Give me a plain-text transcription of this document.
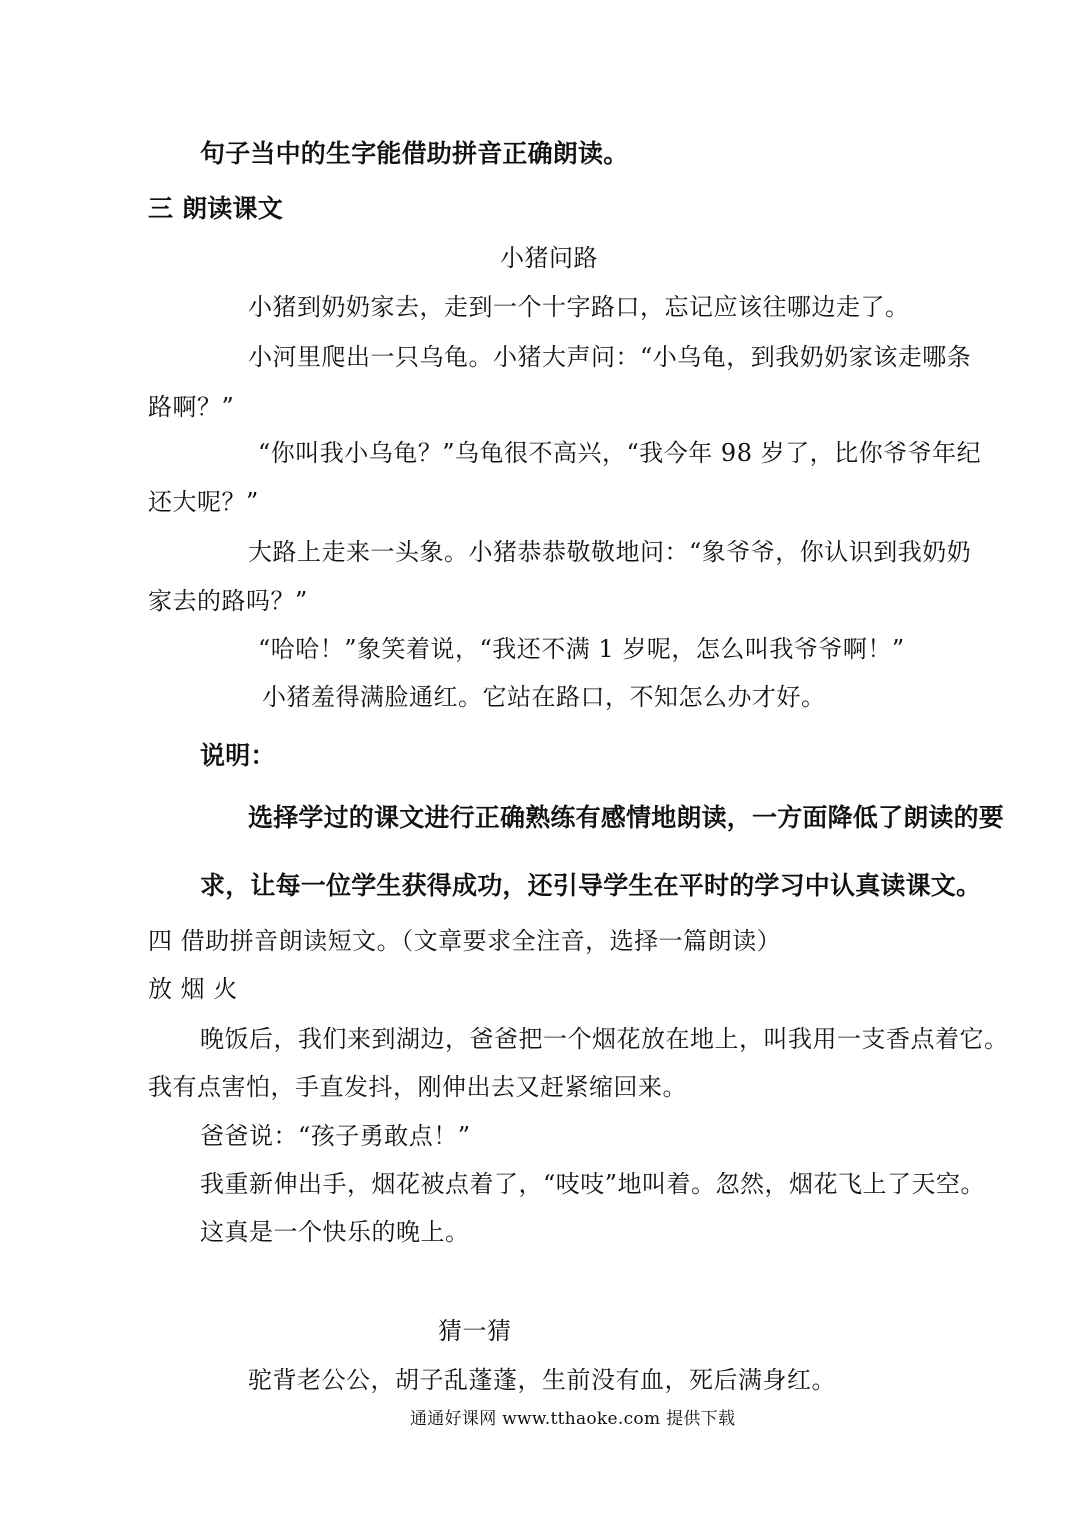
句子当中的生字能借助拼音正确朗读。
三 朗读课文
小猪问路
小猪到奶奶家去，走到一个十字路口，忘记应该往哪边走了。
小河里爬出一只乌龟。小猪大声问：“小乌龟，到我奶奶家该走哪条
路啊？”
“你叫我小乌龟？”乌龟很不高兴，“我今年 98 岁了，比你爷爷年纪
还大呢？”
大路上走来一头象。小猪恭恭敬敬地问：“象爷爷，你认识到我奶奶
家去的路吗？”
“哈哈！”象笑着说，“我还不满 1 岁呢，怎么叫我爷爷啊！”
小猪羞得满脸通红。它站在路口，不知怎么办才好。
说明：
选择学过的课文进行正确熟练有感情地朗读，一方面降低了朗读的要
求，让每一位学生获得成功，还引导学生在平时的学习中认真读课文。
四 借助拼音朗读短文。（文章要求全注音，选择一篇朗读）
放 烟 火
晚饭后，我们来到湖边，爸爸把一个烟花放在地上，叫我用一支香点着它。
我有点害怕，手直发抖，刚伸出去又赶紧缩回来。
爸爸说：“孩子勇敢点！”
我重新伸出手，烟花被点着了，“吱吱”地叫着。忽然，烟花飞上了天空。
这真是一个快乐的晚上。
猜一猜
驼背老公公，胡子乱蓬蓬，生前没有血，死后满身红。
通通好课网 www.tthaoke.com 提供下载
